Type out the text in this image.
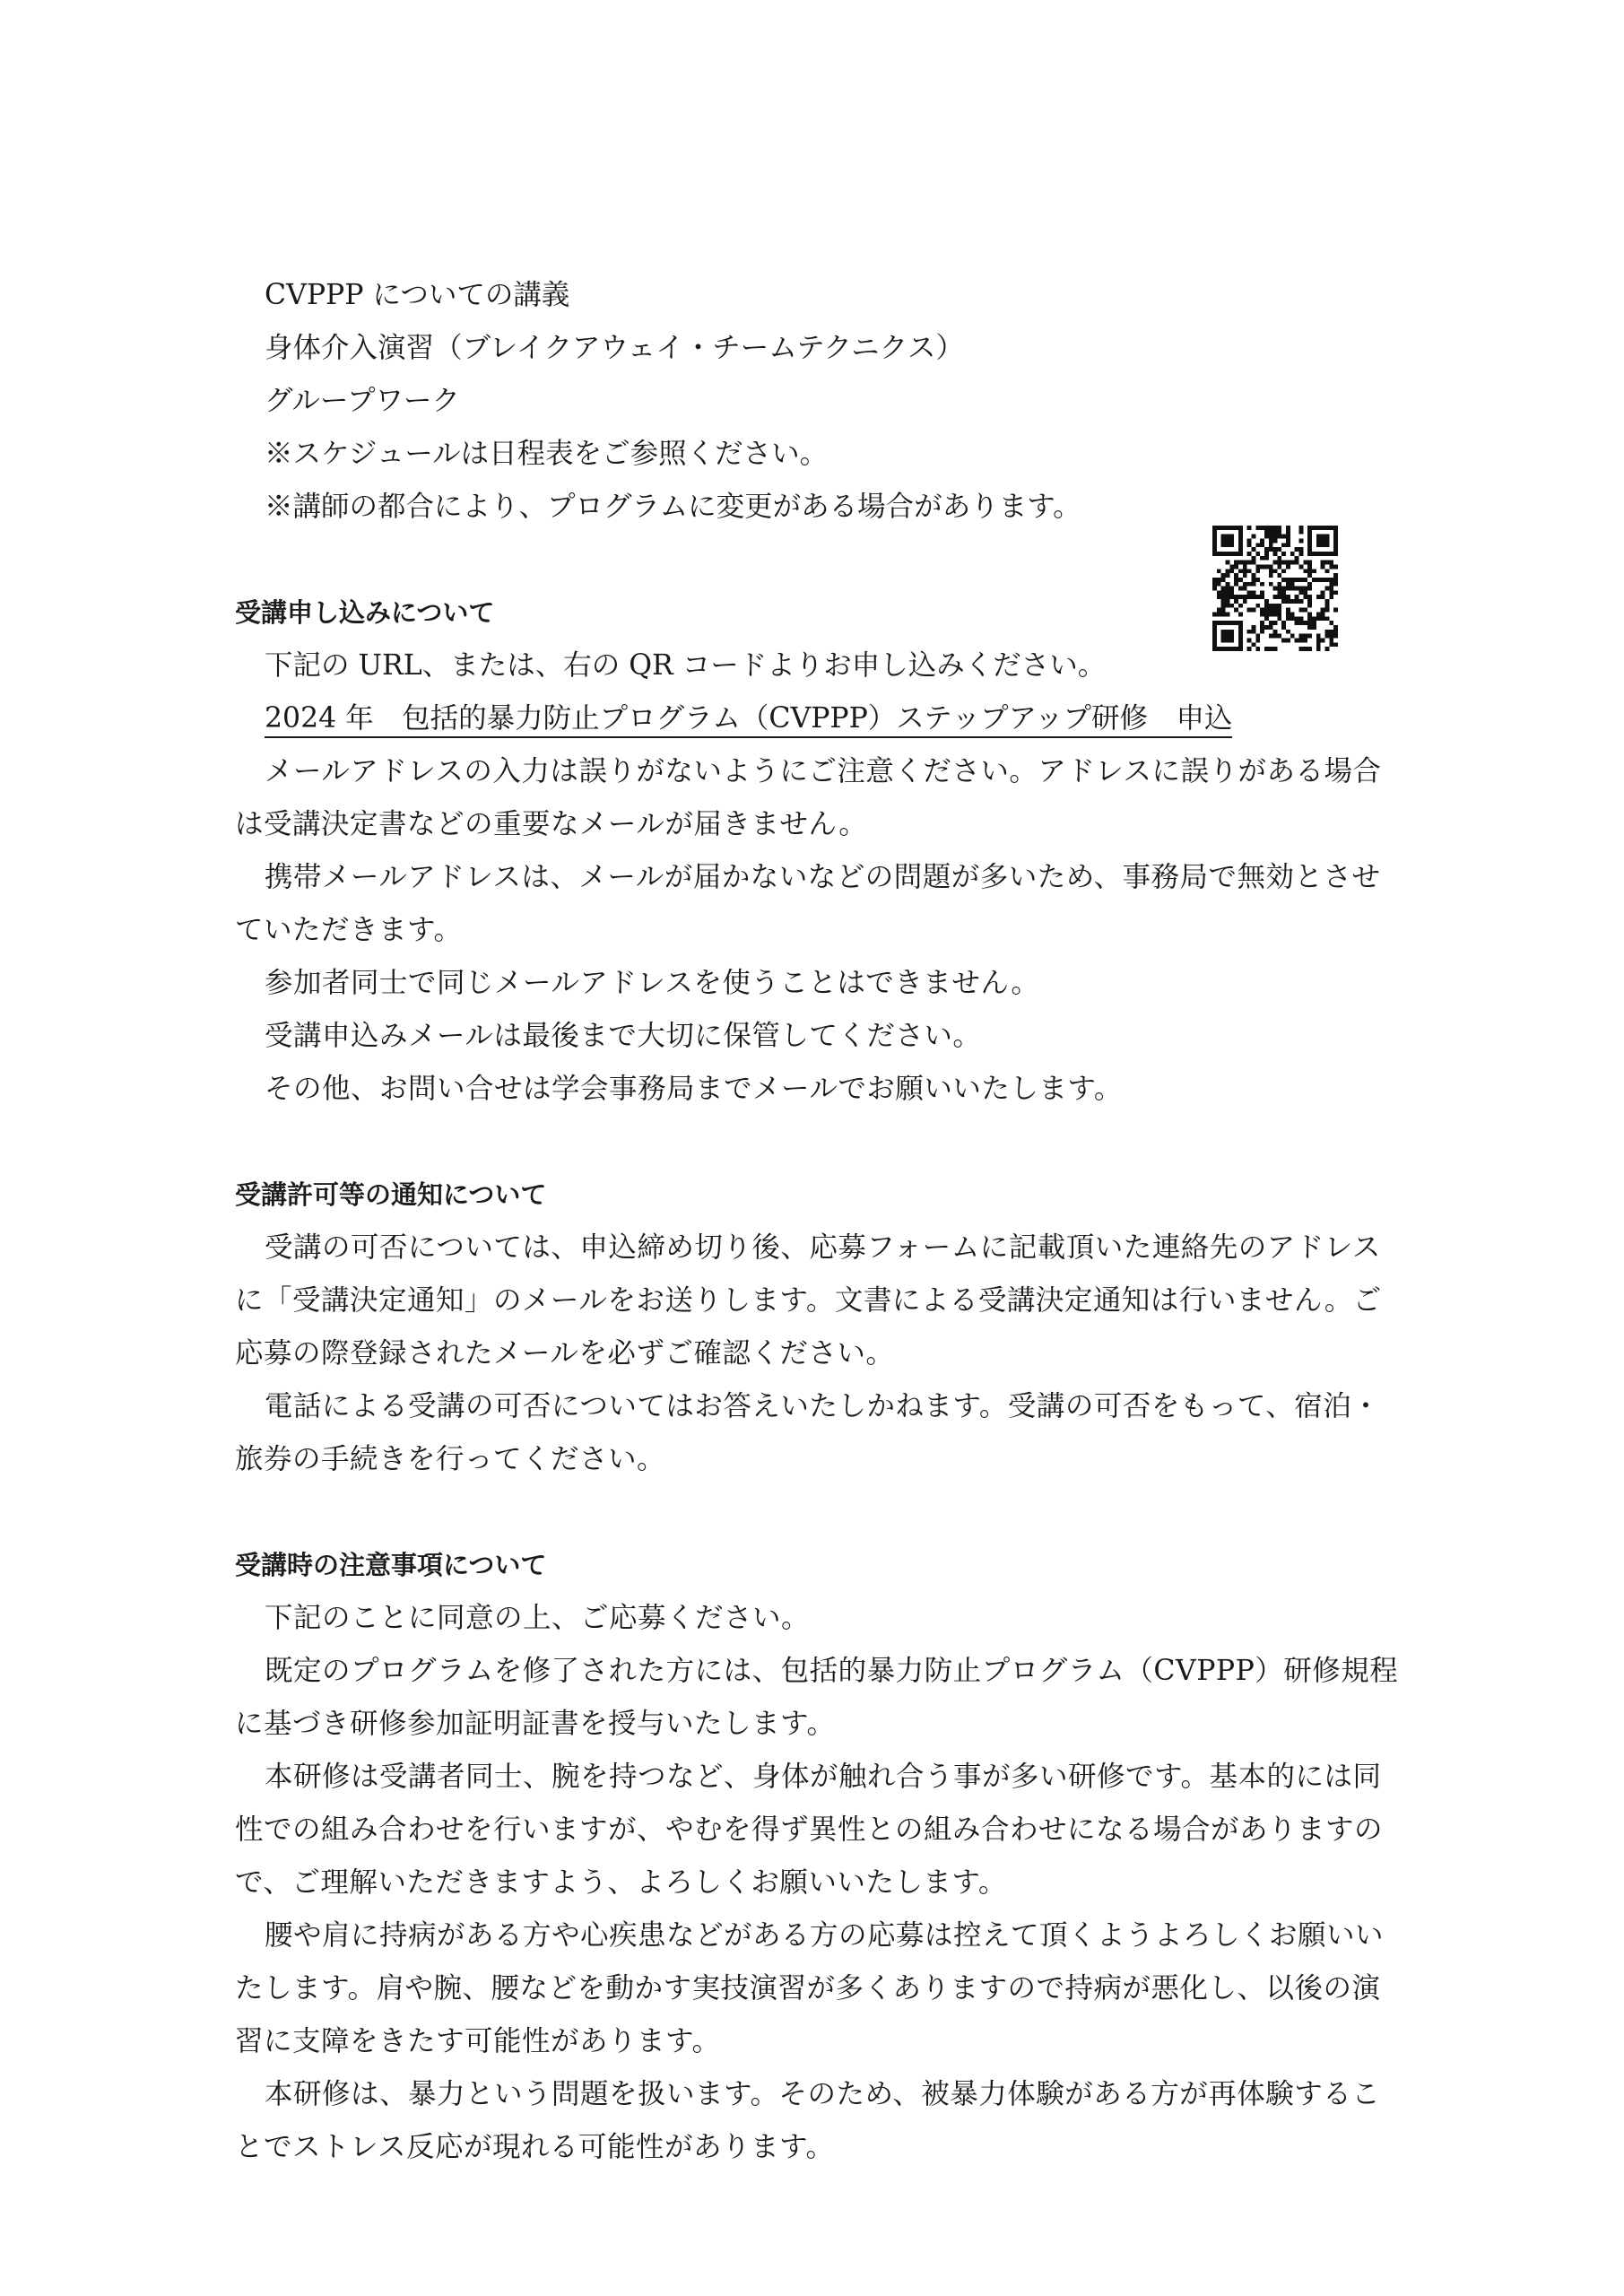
CVPPP についての講義
身体介入演習（ブレイクアウェイ・チームテクニクス）
グループワーク
※スケジュールは日程表をご参照ください。
※講師の都合により、プログラムに変更がある場合があります。
受講申し込みについて
下記の URL、または、右の QR コードよりお申し込みください。
2024 年　包括的暴力防止プログラム（CVPPP）ステップアップ研修　申込
メールアドレスの入力は誤りがないようにご注意ください。アドレスに誤りがある場合
は受講決定書などの重要なメールが届きません。
携帯メールアドレスは、メールが届かないなどの問題が多いため、事務局で無効とさせ
ていただきます。
参加者同士で同じメールアドレスを使うことはできません。
受講申込みメールは最後まで大切に保管してください。
その他、お問い合せは学会事務局までメールでお願いいたします。
受講許可等の通知について
受講の可否については、申込締め切り後、応募フォームに記載頂いた連絡先のアドレス
に「受講決定通知」のメールをお送りします。文書による受講決定通知は行いません。ご
応募の際登録されたメールを必ずご確認ください。
電話による受講の可否についてはお答えいたしかねます。受講の可否をもって、宿泊・
旅券の手続きを行ってください。
受講時の注意事項について
下記のことに同意の上、ご応募ください。
既定のプログラムを修了された方には、包括的暴力防止プログラム（CVPPP）研修規程
に基づき研修参加証明証書を授与いたします。
本研修は受講者同士、腕を持つなど、身体が触れ合う事が多い研修です。基本的には同
性での組み合わせを行いますが、やむを得ず異性との組み合わせになる場合がありますの
で、ご理解いただきますよう、よろしくお願いいたします。
腰や肩に持病がある方や心疾患などがある方の応募は控えて頂くようよろしくお願いい
たします。肩や腕、腰などを動かす実技演習が多くありますので持病が悪化し、以後の演
習に支障をきたす可能性があります。
本研修は、暴力という問題を扱います。そのため、被暴力体験がある方が再体験するこ
とでストレス反応が現れる可能性があります。
